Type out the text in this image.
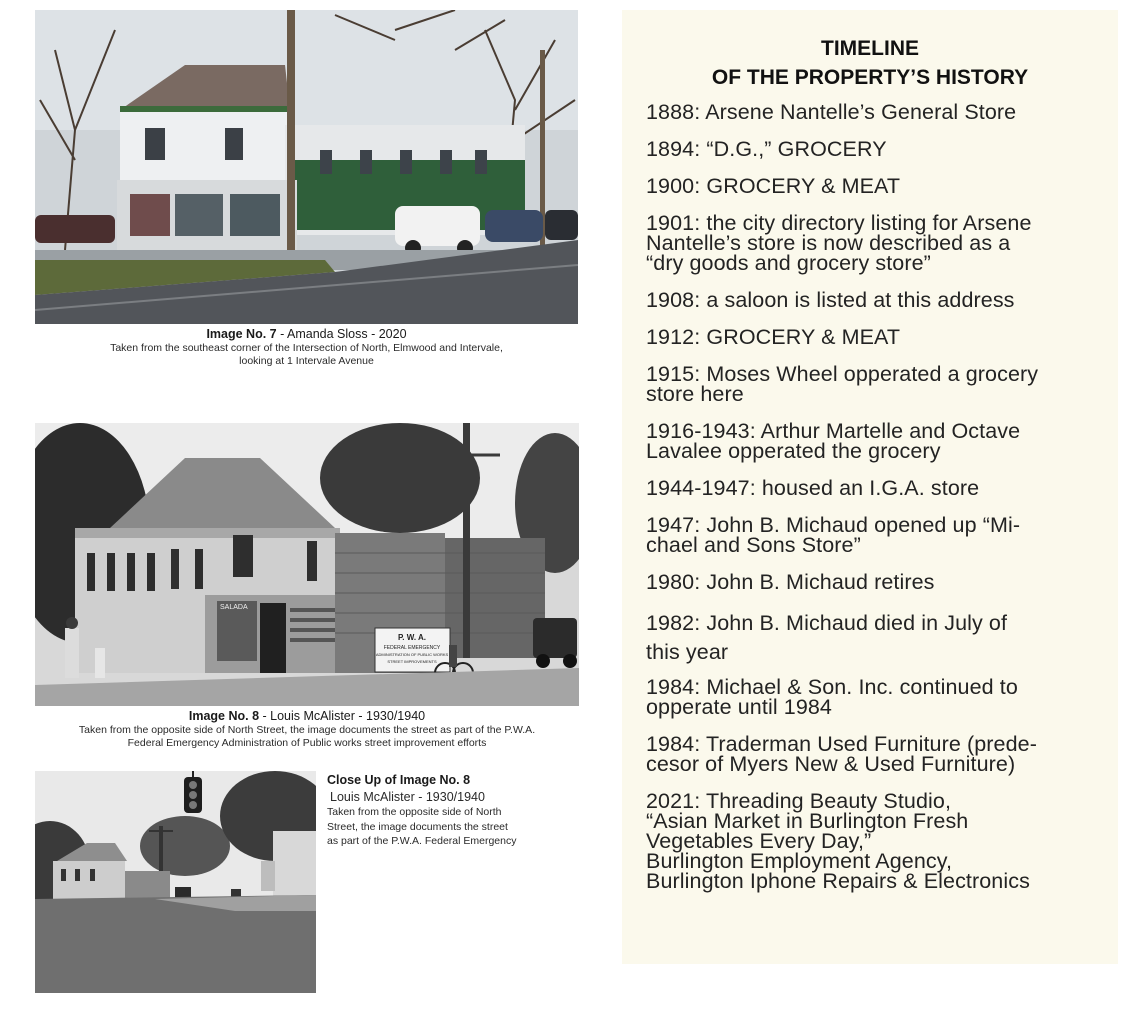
Image No. 7 - Amanda Sloss - 2020
Taken from the southeast corner of the Intersection of North, Elmwood and Intervale,
looking at 1 Intervale Avenue
SALADA
P. W. A.
FEDERAL EMERGENCY
ADMINISTRATION OF PUBLIC WORKS
STREET IMPROVEMENTS
Image No. 8 - Louis McAlister - 1930/1940
Taken from the opposite side of North Street, the image documents the street as part of the P.W.A.
Federal Emergency Administration of Public works street improvement efforts
Close Up of Image No. 8
Louis McAlister - 1930/1940
Taken from the opposite side of North
Street, the image documents the street
as part of the P.W.A. Federal Emergency
TIMELINE
OF THE PROPERTY’S HISTORY
1888: Arsene Nantelle’s General Store
1894: “D.G.,” GROCERY
1900: GROCERY & MEAT
1901: the city directory listing for Arsene
Nantelle’s store is now described as a
“dry goods and grocery store”
1908: a saloon is listed at this address
1912: GROCERY & MEAT
1915: Moses Wheel opperated a grocery
store here
1916-1943: Arthur Martelle and Octave
Lavalee opperated the grocery
1944-1947: housed an I.G.A. store
1947: John B. Michaud opened up “Mi-
chael and Sons Store”
1980: John B. Michaud retires
1982: John B. Michaud died in July of
this year
1984: Michael & Son. Inc. continued to
opperate until 1984
1984: Traderman Used Furniture (prede-
cesor of Myers New & Used Furniture)
2021: Threading Beauty Studio,
“Asian Market in Burlington Fresh
Vegetables Every Day,”
Burlington Employment Agency,
Burlington Iphone Repairs & Electronics
